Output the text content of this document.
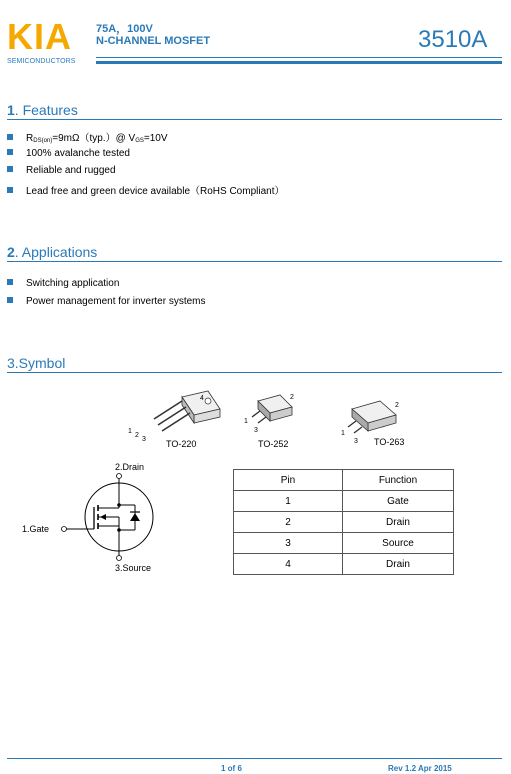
KIA
SEMICONDUCTORS
75A，100V
N-CHANNEL MOSFET	3510A
1. Features
$R_{DS(on)}=9m\Omega(typ.)@$ $V_{GS}=10V$
100% avalanche tested
Reliable and rugged
Lead free and green device available（RoHS Compliant）
2. Applications
Switching application
Power management for inverter systems
3.Symbol
1
2
3
4
TO-220
1
2
3
TO-252
1
2
3 TO-263
2.Drain
1.Gate
3.Source
Pin	Function
1	Gate
2	Drain
3	Source
4	Drain
1 of 6	Rev 1.2 Apr 2015
